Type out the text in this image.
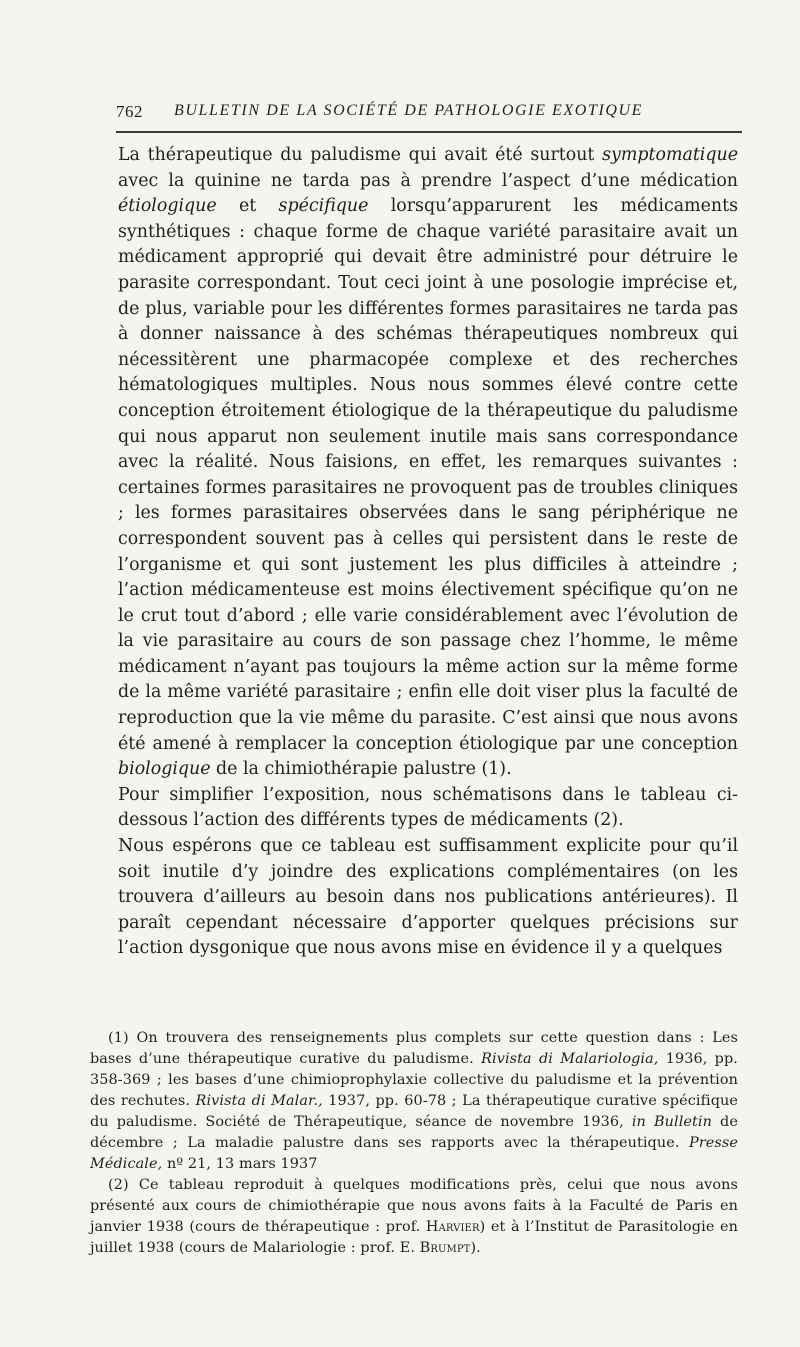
762 BULLETIN DE LA SOCIÉTÉ DE PATHOLOGIE EXOTIQUE

La thérapeutique du paludisme qui avait été surtout symptomatique avec la quinine ne tarda pas à prendre l’aspect d’une médication étiologique et spécifique lorsqu’apparurent les médicaments synthétiques : chaque forme de chaque variété parasitaire avait un médicament approprié qui devait être administré pour détruire le parasite correspondant. Tout ceci joint à une posologie imprécise et, de plus, variable pour les différentes formes parasitaires ne tarda pas à donner naissance à des schémas thérapeutiques nombreux qui nécessitèrent une pharmacopée complexe et des recherches hématologiques multiples. Nous nous sommes élevé contre cette conception étroitement étiologique de la thérapeutique du paludisme qui nous apparut non seulement inutile mais sans correspondance avec la réalité. Nous faisions, en effet, les remarques suivantes : certaines formes parasitaires ne provoquent pas de troubles cliniques ; les formes parasitaires observées dans le sang périphérique ne correspondent souvent pas à celles qui persistent dans le reste de l’organisme et qui sont justement les plus difficiles à atteindre ; l’action médicamenteuse est moins électivement spécifique qu’on ne le crut tout d’abord ; elle varie considérablement avec l’évolution de la vie parasitaire au cours de son passage chez l’homme, le même médicament n’ayant pas toujours la même action sur la même forme de la même variété parasitaire ; enfin elle doit viser plus la faculté de reproduction que la vie même du parasite. C’est ainsi que nous avons été amené à remplacer la conception étiologique par une conception biologique de la chimiothérapie palustre (1).

Pour simplifier l’exposition, nous schématisons dans le tableau ci-dessous l’action des différents types de médicaments (2).

Nous espérons que ce tableau est suffisamment explicite pour qu’il soit inutile d’y joindre des explications complémentaires (on les trouvera d’ailleurs au besoin dans nos publications antérieures). Il paraît cependant nécessaire d’apporter quelques précisions sur l’action dysgonique que nous avons mise en évidence il y a quelques

(1) On trouvera des renseignements plus complets sur cette question dans : Les bases d’une thérapeutique curative du paludisme. Rivista di Malariologia, 1936, pp. 358-369 ; les bases d’une chimioprophylaxie collective du paludisme et la prévention des rechutes. Rivista di Malar., 1937, pp. 60-78 ; La thérapeutique curative spécifique du paludisme. Société de Thérapeutique, séance de novembre 1936, in Bulletin de décembre ; La maladie palustre dans ses rapports avec la thérapeutique. Presse Médicale, nº 21, 13 mars 1937

(2) Ce tableau reproduit à quelques modifications près, celui que nous avons présenté aux cours de chimiothérapie que nous avons faits à la Faculté de Paris en janvier 1938 (cours de thérapeutique : prof. Harvier) et à l’Institut de Parasitologie en juillet 1938 (cours de Malariologie : prof. E. Brumpt).
